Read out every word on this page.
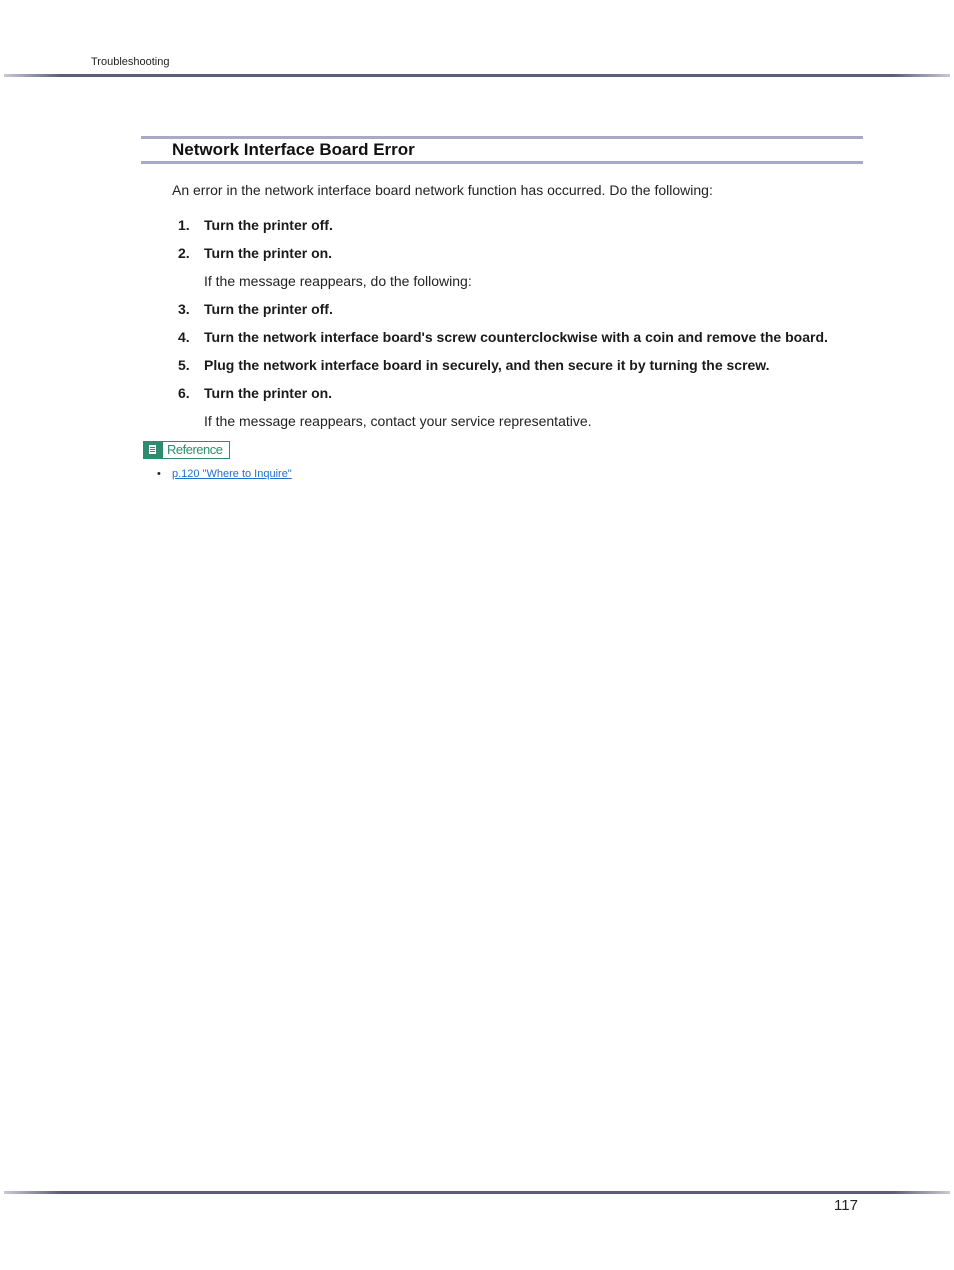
Troubleshooting
Network Interface Board Error
An error in the network interface board network function has occurred. Do the following:
1. Turn the printer off.
2. Turn the printer on.
If the message reappears, do the following:
3. Turn the printer off.
4. Turn the network interface board's screw counterclockwise with a coin and remove the board.
5. Plug the network interface board in securely, and then secure it by turning the screw.
6. Turn the printer on.
If the message reappears, contact your service representative.
Reference
• p.120 "Where to Inquire"
117
